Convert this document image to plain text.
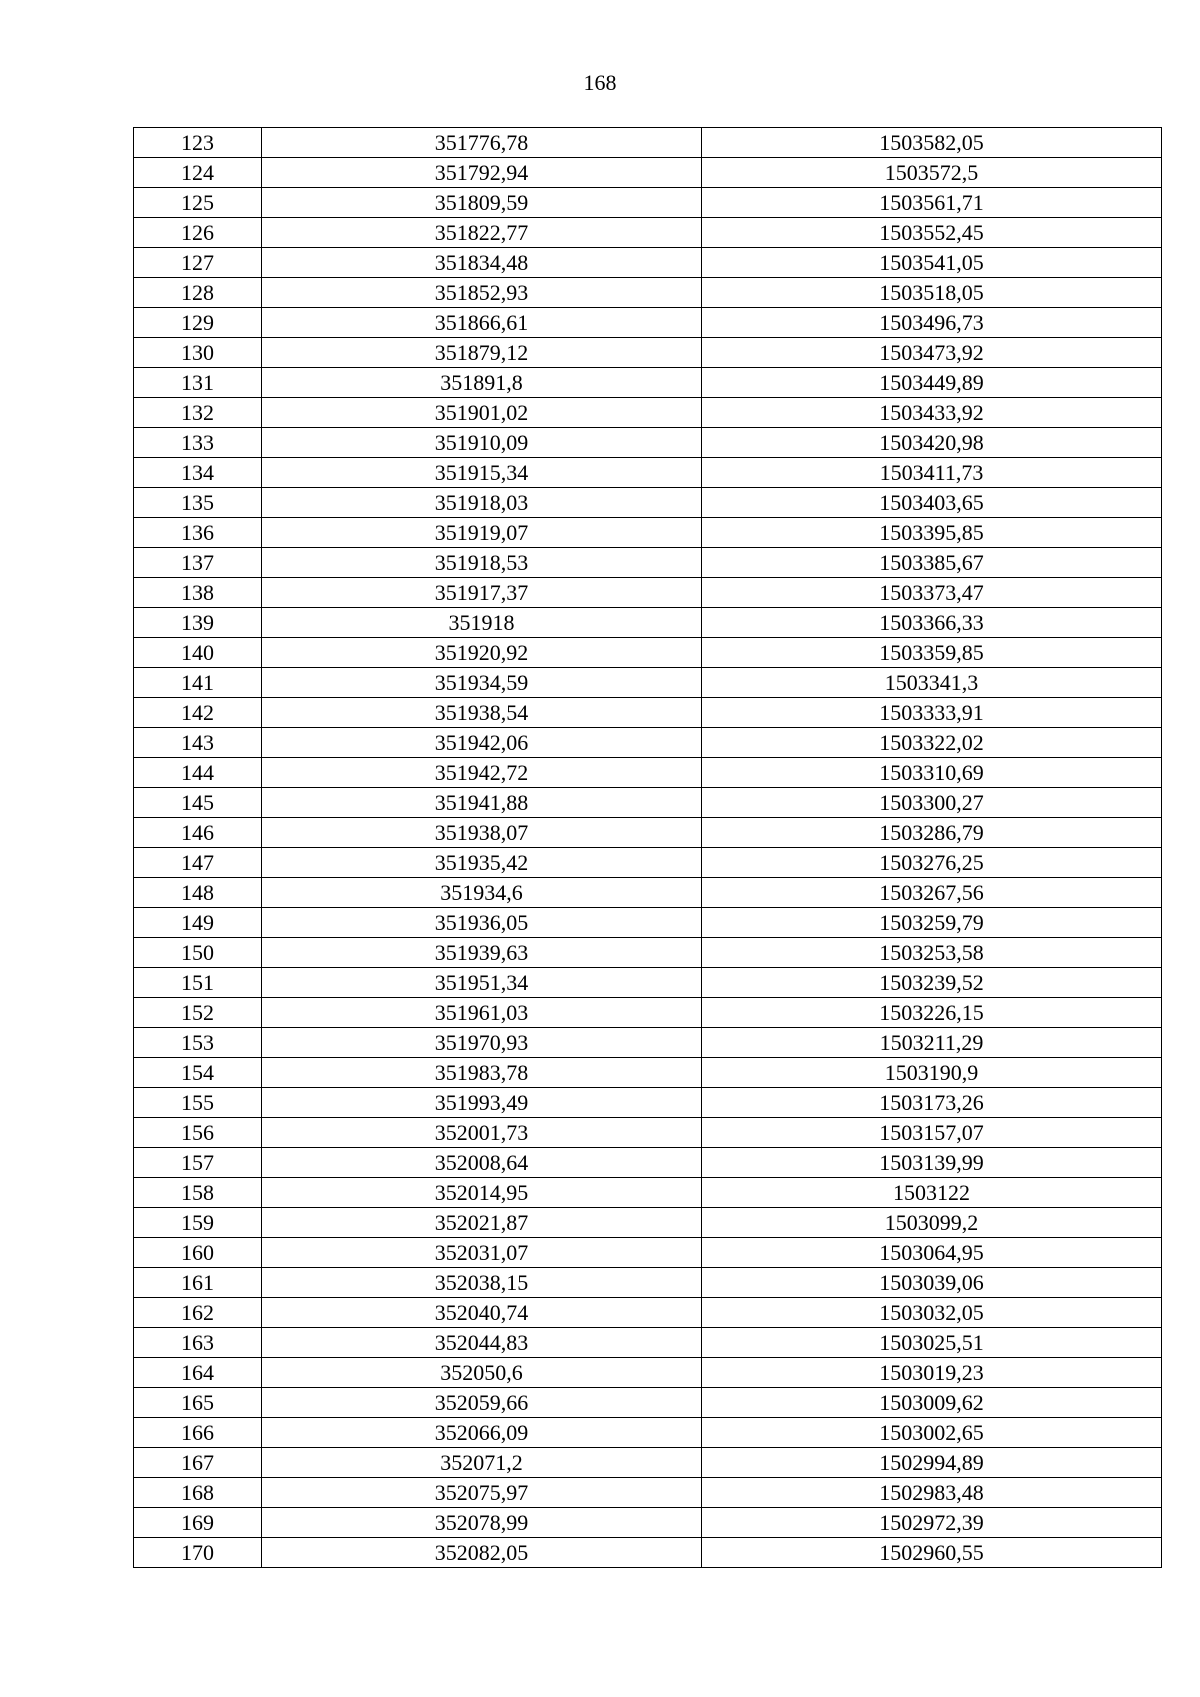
168
123	351776,78	1503582,05
124	351792,94	1503572,5
125	351809,59	1503561,71
126	351822,77	1503552,45
127	351834,48	1503541,05
128	351852,93	1503518,05
129	351866,61	1503496,73
130	351879,12	1503473,92
131	351891,8	1503449,89
132	351901,02	1503433,92
133	351910,09	1503420,98
134	351915,34	1503411,73
135	351918,03	1503403,65
136	351919,07	1503395,85
137	351918,53	1503385,67
138	351917,37	1503373,47
139	351918	1503366,33
140	351920,92	1503359,85
141	351934,59	1503341,3
142	351938,54	1503333,91
143	351942,06	1503322,02
144	351942,72	1503310,69
145	351941,88	1503300,27
146	351938,07	1503286,79
147	351935,42	1503276,25
148	351934,6	1503267,56
149	351936,05	1503259,79
150	351939,63	1503253,58
151	351951,34	1503239,52
152	351961,03	1503226,15
153	351970,93	1503211,29
154	351983,78	1503190,9
155	351993,49	1503173,26
156	352001,73	1503157,07
157	352008,64	1503139,99
158	352014,95	1503122
159	352021,87	1503099,2
160	352031,07	1503064,95
161	352038,15	1503039,06
162	352040,74	1503032,05
163	352044,83	1503025,51
164	352050,6	1503019,23
165	352059,66	1503009,62
166	352066,09	1503002,65
167	352071,2	1502994,89
168	352075,97	1502983,48
169	352078,99	1502972,39
170	352082,05	1502960,55
